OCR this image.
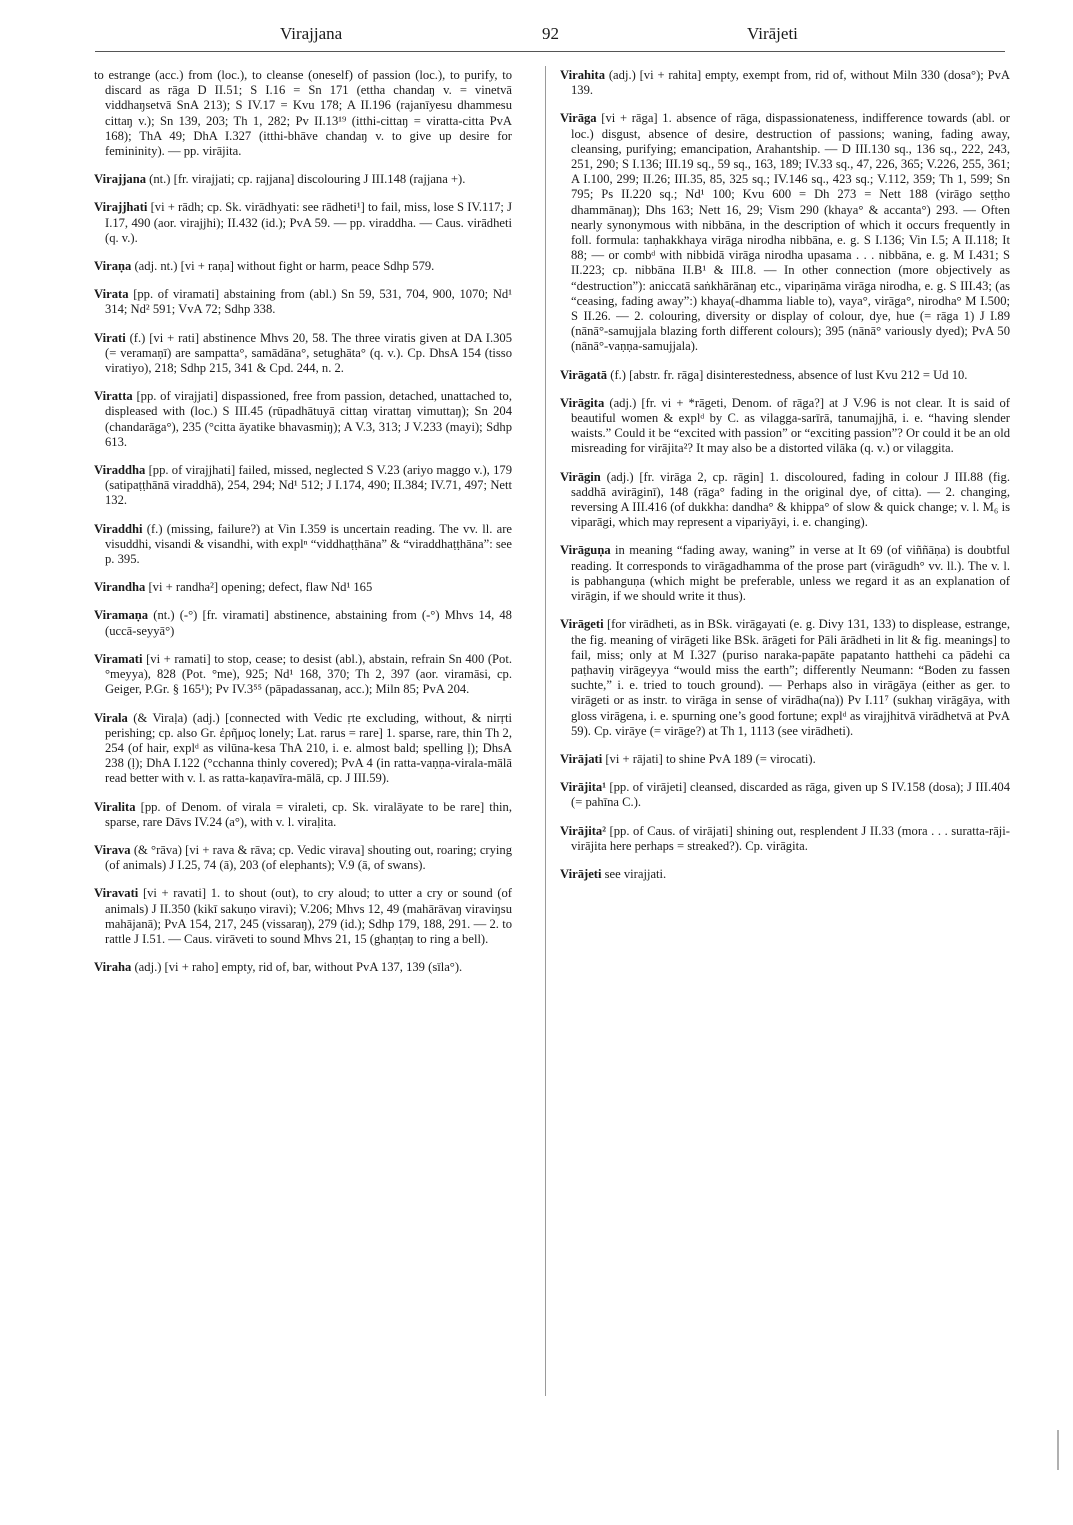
Virajjana	92	Virājeti
to estrange (acc.) from (loc.), to cleanse (oneself) of passion (loc.), to purify, to discard as rāga D II.51; S I.16 = Sn 171 (ettha chandaŋ v. = vinetvā viddhaŋsetvā SnA 213); S IV.17 = Kvu 178; A II.196 (rajanīyesu dhammesu cittaŋ v.); Sn 139, 203; Th 1, 282; Pv II.13¹⁹ (itthi-cittaŋ = viratta-citta PvA 168); ThA 49; DhA I.327 (itthi-bhāve chandaŋ v. to give up desire for femininity). — pp. virājita.
Virajjana (nt.) [fr. virajjati; cp. rajjana] discolouring J III.148 (rajjana +).
Virajjhati [vi + rādh; cp. Sk. virādhyati: see rādheti¹] to fail, miss, lose S IV.117; J I.17, 490 (aor. virajjhi); II.432 (id.); PvA 59. — pp. viraddha. — Caus. virādheti (q. v.).
Viraṇa (adj. nt.) [vi + raṇa] without fight or harm, peace Sdhp 579.
Virata [pp. of viramati] abstaining from (abl.) Sn 59, 531, 704, 900, 1070; Nd¹ 314; Nd² 591; VvA 72; Sdhp 338.
Virati (f.) [vi + rati] abstinence Mhvs 20, 58. The three viratis given at DA I.305 (= veramaṇī) are sampatta°, samādāna°, setughāta° (q. v.). Cp. DhsA 154 (tisso viratiyo), 218; Sdhp 215, 341 & Cpd. 244, n. 2.
Viratta [pp. of virajjati] dispassioned, free from passion, detached, unattached to, displeased with (loc.) S III.45 (rūpadhātuyā cittaŋ virattaŋ vimuttaŋ); Sn 204 (chandarāga°), 235 (°citta āyatike bhavasmiŋ); A V.3, 313; J V.233 (mayi); Sdhp 613.
Viraddha [pp. of virajjhati] failed, missed, neglected S V.23 (ariyo maggo v.), 179 (satipaṭṭhānā viraddhā), 254, 294; Nd¹ 512; J I.174, 490; II.384; IV.71, 497; Nett 132.
Viraddhi (f.) (missing, failure?) at Vin I.359 is uncertain reading. The vv. ll. are visuddhi, visandi & visandhi, with explⁿ “viddhaṭṭhāna” & “viraddhaṭṭhāna”: see p. 395.
Virandha [vi + randha²] opening; defect, flaw Nd¹ 165
Viramaṇa (nt.) (-°) [fr. viramati] abstinence, abstaining from (-°) Mhvs 14, 48 (uccā-seyyā°)
Viramati [vi + ramati] to stop, cease; to desist (abl.), abstain, refrain Sn 400 (Pot. °meyya), 828 (Pot. °me), 925; Nd¹ 168, 370; Th 2, 397 (aor. viramāsi, cp. Geiger, P.Gr. § 165¹); Pv IV.3⁵⁵ (pāpadassanaŋ, acc.); Miln 85; PvA 204.
Virala (& Viraḷa) (adj.) [connected with Vedic ṛte excluding, without, & nirṛti perishing; cp. also Gr. ἐρῆμος lonely; Lat. rarus = rare] 1. sparse, rare, thin Th 2, 254 (of hair, explᵈ as vilūna-kesa ThA 210, i. e. almost bald; spelling ḷ); DhsA 238 (ḷ); DhA I.122 (°cchanna thinly covered); PvA 4 (in ratta-vaṇṇa-virala-mālā read better with v. l. as ratta-kaṇavīra-mālā, cp. J III.59).
Viralita [pp. of Denom. of virala = viraleti, cp. Sk. viralāyate to be rare] thin, sparse, rare Dāvs IV.24 (a°), with v. l. viraḷita.
Virava (& °rāva) [vi + rava & rāva; cp. Vedic virava] shouting out, roaring; crying (of animals) J I.25, 74 (ā), 203 (of elephants); V.9 (ā, of swans).
Viravati [vi + ravati] 1. to shout (out), to cry aloud; to utter a cry or sound (of animals) J II.350 (kikī sakuṇo viravi); V.206; Mhvs 12, 49 (mahārāvaŋ viraviŋsu mahājanā); PvA 154, 217, 245 (vissaraŋ), 279 (id.); Sdhp 179, 188, 291. — 2. to rattle J I.51. — Caus. virāveti to sound Mhvs 21, 15 (ghaṇṭaŋ to ring a bell).
Viraha (adj.) [vi + raho] empty, rid of, bar, without PvA 137, 139 (sīla°).
Virahita (adj.) [vi + rahita] empty, exempt from, rid of, without Miln 330 (dosa°); PvA 139.
Virāga [vi + rāga] 1. absence of rāga, dispassionateness, indifference towards (abl. or loc.) disgust, absence of desire, destruction of passions; waning, fading away, cleansing, purifying; emancipation, Arahantship. — D III.130 sq., 136 sq., 222, 243, 251, 290; S I.136; III.19 sq., 59 sq., 163, 189; IV.33 sq., 47, 226, 365; V.226, 255, 361; A I.100, 299; II.26; III.35, 85, 325 sq.; IV.146 sq., 423 sq.; V.112, 359; Th 1, 599; Sn 795; Ps II.220 sq.; Nd¹ 100; Kvu 600 = Dh 273 = Nett 188 (virāgo seṭṭho dhammānaŋ); Dhs 163; Nett 16, 29; Vism 290 (khaya° & accanta°) 293. — Often nearly synonymous with nibbāna, in the description of which it occurs frequently in foll. formula: taṇhakkhaya virāga nirodha nibbāna, e. g. S I.136; Vin I.5; A II.118; It 88; — or combᵈ with nibbidā virāga nirodha upasama . . . nibbāna, e. g. M I.431; S II.223; cp. nibbāna II.B¹ & III.8. — In other connection (more objectively as “destruction”): aniccatā saṅkhārānaŋ etc., vipariṇāma virāga nirodha, e. g. S III.43; (as “ceasing, fading away”:) khaya(-dhamma liable to), vaya°, virāga°, nirodha° M I.500; S II.26. — 2. colouring, diversity or display of colour, dye, hue (= rāga 1) J I.89 (nānā°-samujjala blazing forth different colours); 395 (nānā° variously dyed); PvA 50 (nānā°-vaṇṇa-samujjala).
Virāgatā (f.) [abstr. fr. rāga] disinterestedness, absence of lust Kvu 212 = Ud 10.
Virāgita (adj.) [fr. vi + *rāgeti, Denom. of rāga?] at J V.96 is not clear. It is said of beautiful women & explᵈ by C. as vilagga-sarīrā, tanumajjhā, i. e. “having slender waists.” Could it be “excited with passion” or “exciting passion”? Or could it be an old misreading for virājita²? It may also be a distorted vilāka (q. v.) or vilaggita.
Virāgin (adj.) [fr. virāga 2, cp. rāgin] 1. discoloured, fading in colour J III.88 (fig. saddhā avirāginī), 148 (rāga° fading in the original dye, of citta). — 2. changing, reversing A III.416 (of dukkha: dandha° & khippa° of slow & quick change; v. l. M₆ is viparāgi, which may represent a vipariyāyi, i. e. changing).
Virāguṇa in meaning “fading away, waning” in verse at It 69 (of viññāṇa) is doubtful reading. It corresponds to virāgadhamma of the prose part (virāgudh° vv. ll.). The v. l. is pabhanguṇa (which might be preferable, unless we regard it as an explanation of virāgin, if we should write it thus).
Virāgeti [for virādheti, as in BSk. virāgayati (e. g. Divy 131, 133) to displease, estrange, the fig. meaning of virāgeti like BSk. ārāgeti for Pāli ārādheti in lit & fig. meanings] to fail, miss; only at M I.327 (puriso naraka-papāte papatanto hatthehi ca pādehi ca paṭhaviŋ virāgeyya “would miss the earth”; differently Neumann: “Boden zu fassen suchte,” i. e. tried to touch ground). — Perhaps also in virāgāya (either as ger. to virāgeti or as instr. to virāga in sense of virādha(na)) Pv I.11⁷ (sukhaŋ virāgāya, with gloss virāgena, i. e. spurning one’s good fortune; explᵈ as virajjhitvā virādhetvā at PvA 59). Cp. virāye (= virāge?) at Th 1, 1113 (see virādheti).
Virājati [vi + rājati] to shine PvA 189 (= virocati).
Virājita¹ [pp. of virājeti] cleansed, discarded as rāga, given up S IV.158 (dosa); J III.404 (= pahīna C.).
Virājita² [pp. of Caus. of virājati] shining out, resplendent J II.33 (mora . . . suratta-rāji-virājita here perhaps = streaked?). Cp. virāgita.
Virājeti see virajjati.
